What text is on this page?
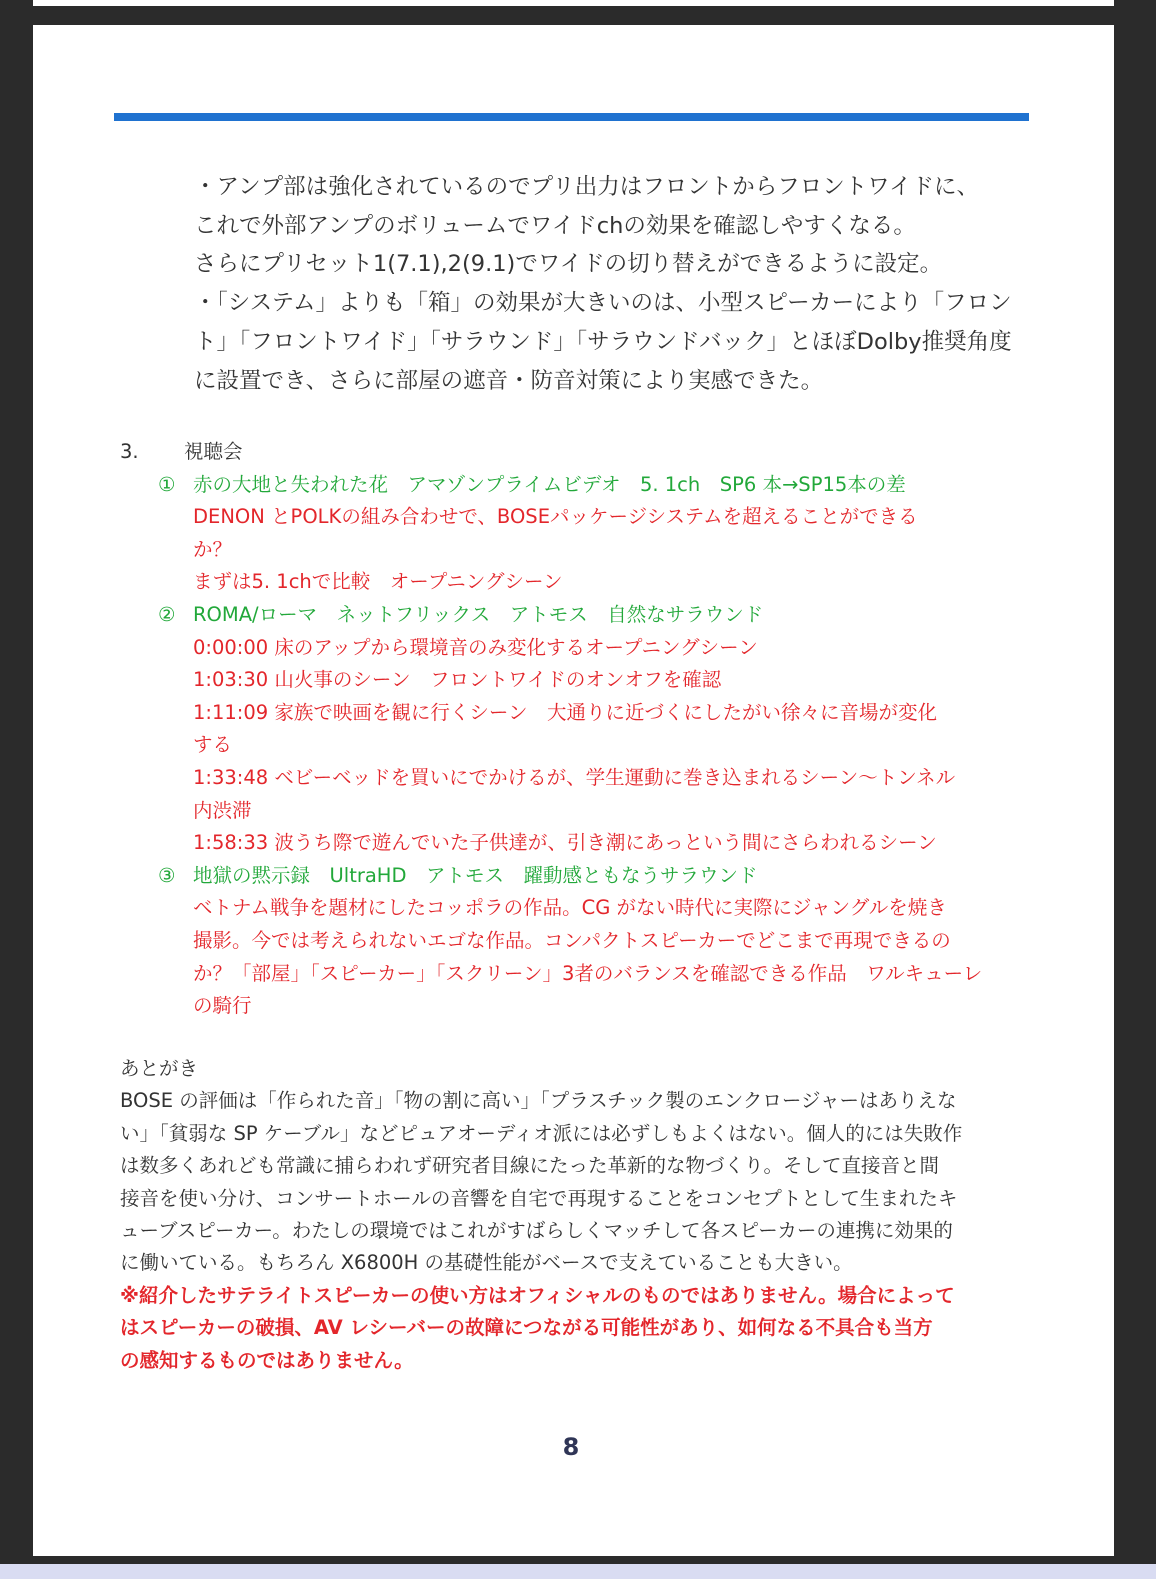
・アンプ部は強化されているのでプリ出力はフロントからフロントワイドに、

これで外部アンプのボリュームでワイドchの効果を確認しやすくなる。

さらにプリセット1(7.1),2(9.1)でワイドの切り替えができるように設定。

・「システム」よりも「箱」の効果が大きいのは、小型スピーカーにより「フロン

ト」「フロントワイド」「サラウンド」「サラウンドバック」とほぼDolby推奨角度

に設置でき、さらに部屋の遮音・防音対策により実感できた。

3. 視聴会
① 赤の大地と失われた花　アマゾンプライムビデオ　5. 1ch　SP6 本→SP15本の差
DENON とPOLKの組み合わせで、BOSEパッケージシステムを超えることができる
か？
まずは5. 1chで比較　オープニングシーン
② ROMA/ローマ　ネットフリックス　アトモス　自然なサラウンド
0:00:00 床のアップから環境音のみ変化するオープニングシーン
1:03:30 山火事のシーン　フロントワイドのオンオフを確認
1:11:09 家族で映画を観に行くシーン　大通りに近づくにしたがい徐々に音場が変化
する
1:33:48 ベビーベッドを買いにでかけるが、学生運動に巻き込まれるシーン～トンネル
内渋滞
1:58:33 波うち際で遊んでいた子供達が、引き潮にあっという間にさらわれるシーン
③ 地獄の黙示録　UltraHD　アトモス　躍動感ともなうサラウンド
ベトナム戦争を題材にしたコッポラの作品。CG がない時代に実際にジャングルを焼き
撮影。今では考えられないエゴな作品。コンパクトスピーカーでどこまで再現できるの
か？「部屋」「スピーカー」「スクリーン」3者のバランスを確認できる作品　ワルキューレ
の騎行
あとがき
BOSE の評価は「作られた音」「物の割に高い」「プラスチック製のエンクロージャーはありえな
い」「貧弱な SP ケーブル」などピュアオーディオ派には必ずしもよくはない。個人的には失敗作
は数多くあれども常識に捕らわれず研究者目線にたった革新的な物づくり。そして直接音と間
接音を使い分け、コンサートホールの音響を自宅で再現することをコンセプトとして生まれたキ
ューブスピーカー。わたしの環境ではこれがすばらしくマッチして各スピーカーの連携に効果的
に働いている。もちろん X6800H の基礎性能がベースで支えていることも大きい。
※紹介したサテライトスピーカーの使い方はオフィシャルのものではありません。場合によって
はスピーカーの破損、AV レシーバーの故障につながる可能性があり、如何なる不具合も当方
の感知するものではありません。
8
